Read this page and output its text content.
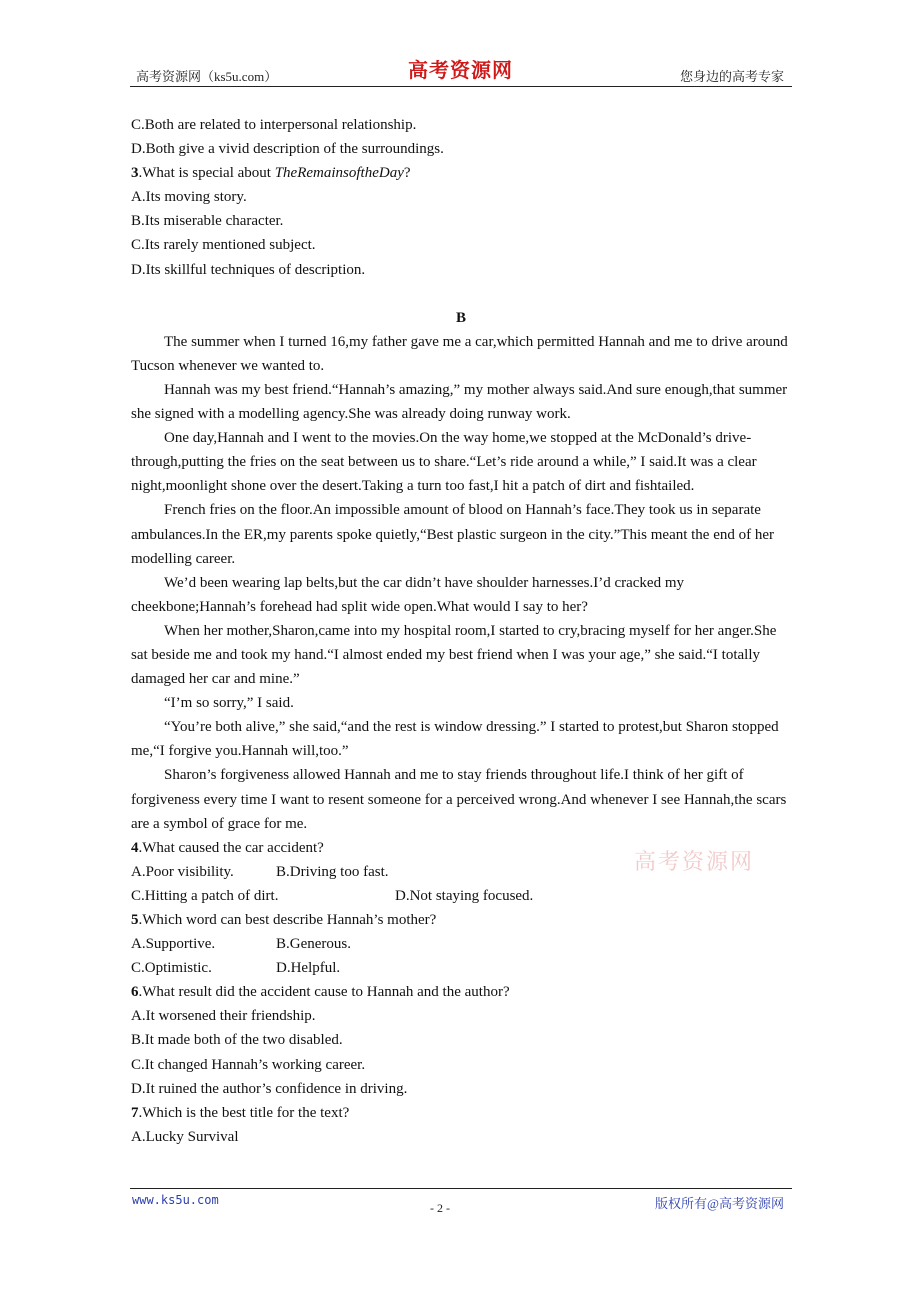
高考资源网（ks5u.com）	高考资源网	您身边的高考专家

C.Both are related to interpersonal relationship.

D.Both give a vivid description of the surroundings.

3.What is special about TheRemainsoftheDay?

A.Its moving story.

B.Its miserable character.

C.Its rarely mentioned subject.

D.Its skillful techniques of description.

B

The summer when I turned 16,my father gave me a car,which permitted Hannah and me to drive around Tucson whenever we wanted to.

Hannah was my best friend.“Hannah’s amazing,” my mother always said.And sure enough,that summer she signed with a modelling agency.She was already doing runway work.

One day,Hannah and I went to the movies.On the way home,we stopped at the McDonald’s drive-through,putting the fries on the seat between us to share.“Let’s ride around a while,” I said.It was a clear night,moonlight shone over the desert.Taking a turn too fast,I hit a patch of dirt and fishtailed.

French fries on the floor.An impossible amount of blood on Hannah’s face.They took us in separate ambulances.In the ER,my parents spoke quietly,“Best plastic surgeon in the city.”This meant the end of her modelling career.

We’d been wearing lap belts,but the car didn’t have shoulder harnesses.I’d cracked my cheekbone;Hannah’s forehead had split wide open.What would I say to her?

When her mother,Sharon,came into my hospital room,I started to cry,bracing myself for her anger.She sat beside me and took my hand.“I almost ended my best friend when I was your age,” she said.“I totally damaged her car and mine.”

“I’m so sorry,” I said.

“You’re both alive,” she said,“and the rest is window dressing.” I started to protest,but Sharon stopped me,“I forgive you.Hannah will,too.”

Sharon’s forgiveness allowed Hannah and me to stay friends throughout life.I think of her gift of forgiveness every time I want to resent someone for a perceived wrong.And whenever I see Hannah,the scars are a symbol of grace for me.

4.What caused the car accident?

A.Poor visibility.	B.Driving too fast.

C.Hitting a patch of dirt.	D.Not staying focused.

5.Which word can best describe Hannah’s mother?

A.Supportive.	B.Generous.

C.Optimistic.	D.Helpful.

6.What result did the accident cause to Hannah and the author?

A.It worsened their friendship.

B.It made both of the two disabled.

C.It changed Hannah’s working career.

D.It ruined the author’s confidence in driving.

7.Which is the best title for the text?

A.Lucky Survival

高考资源网
www.ks5u.com
- 2 -	版权所有@高考资源网
